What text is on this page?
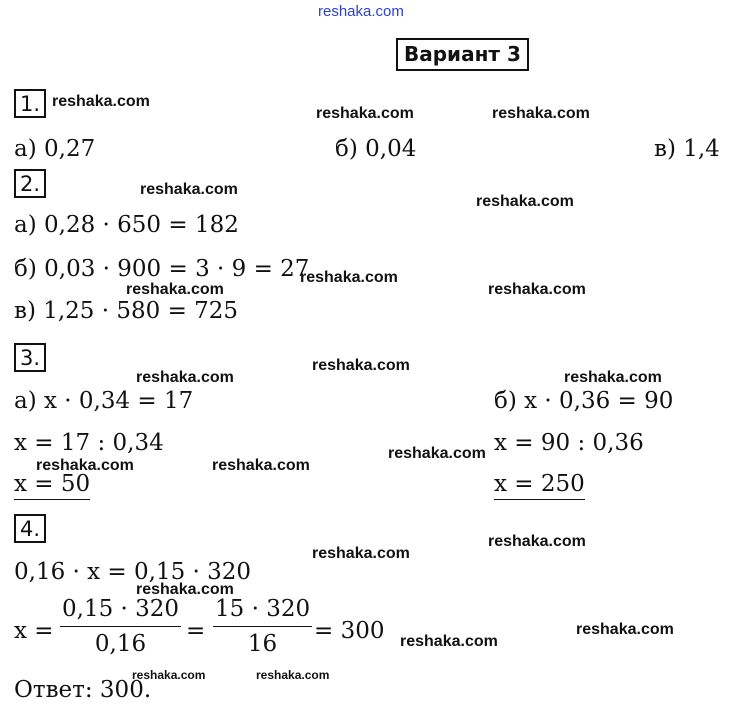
reshaka.com
Вариант 3
1.
а) 0,27	б) 0,04	в) 1,4
2.
а) 0,28 · 650 = 182
б) 0,03 · 900 = 3 · 9 = 27
в) 1,25 · 580 = 725
3.
а) x · 0,34 = 17
x = 17 : 0,34
x = 50
б) x · 0,36 = 90
x = 90 : 0,36
x = 250
4.
0,16 · x = 0,15 · 320
$x = \frac{0,15 \cdot 320}{0,16} = \frac{15 \cdot 320}{16} = 300$
Ответ: 300.
reshaka.com
reshaka.com	reshaka.com
reshaka.com
reshaka.com
reshaka.com
reshaka.com	reshaka.com
reshaka.com
reshaka.com	reshaka.com
reshaka.com
reshaka.com	reshaka.com
reshaka.com
reshaka.com
reshaka.com
reshaka.com
reshaka.com
reshaka.com	reshaka.com
